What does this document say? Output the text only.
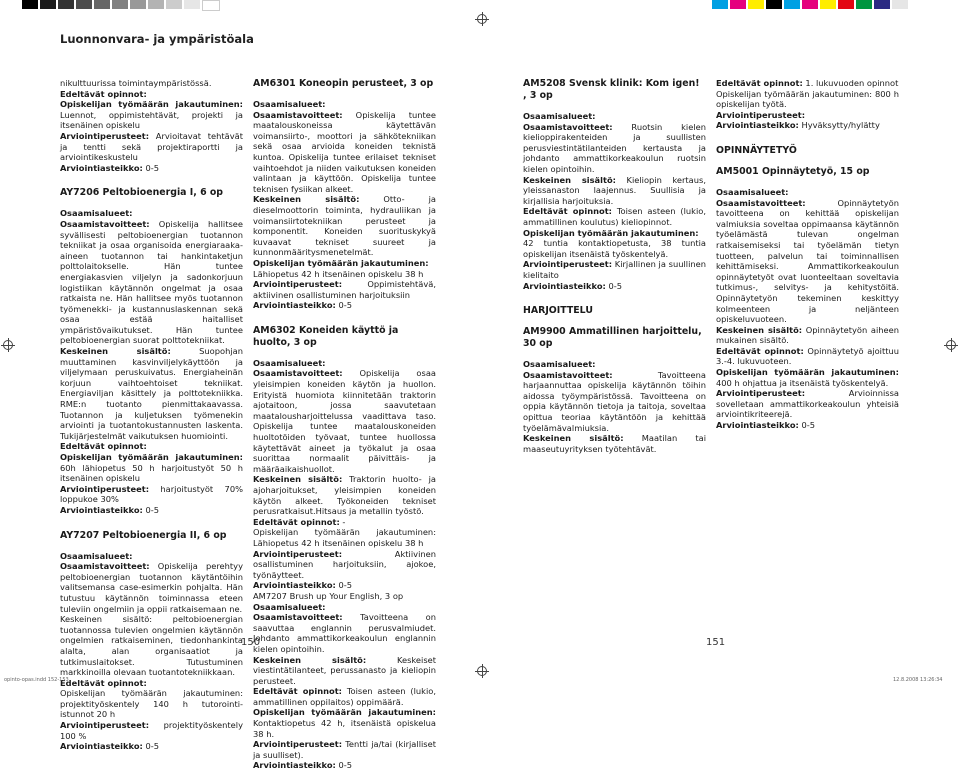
Luonnonvara- ja ympäristöala

nikulttuurissa toimintaympäristössä.

Edeltävät opinnot:

Opiskelijan työmäärän jakautuminen: Luennot, oppimistehtävät, projekti ja itsenäinen opiskelu

Arviointiperusteet: Arvioitavat tehtävät ja tentti sekä projektiraportti ja arviointikeskustelu

Arviointiasteikko: 0-5

AY7206 Peltobioenergia I, 6 op

Osaamisalueet:

Osaamistavoitteet: Opiskelija hallitsee syvällisesti peltobioenergian tuotannon tekniikat ja osaa organisoida energiaraaka-aineen tuotannon tai hankintaketjun polttolaitokselle. Hän tuntee energiakasvien viljelyn ja sadonkorjuun logistiikan käytännön ongelmat ja osaa ratkaista ne. Hän hallitsee myös tuotannon työmenekki- ja kustannuslaskennan sekä osaa estää haitalliset ympäristövaikutukset. Hän tuntee peltobioenergian suorat polttotekniikat.

Keskeinen sisältö: Suopohjan muuttaminen kasvinviljelykäyttöön ja viljelymaan peruskuivatus. Energiaheinän korjuun vaihtoehtoiset tekniikat. Energiaviljan käsittely ja polttotekniikka. RME:n tuotanto pienmittakaavassa. Tuotannon ja kuljetuksen työmenekin arviointi ja tuotantokustannusten laskenta. Tukijärjestelmät vaikutuksen huomiointi.

Edeltävät opinnot:

Opiskelijan työmäärän jakautuminen: 60h lähiopetus 50 h harjoitustyöt 50 h itsenäinen opiskelu

Arviointiperusteet: harjoitustyöt 70% loppukoe 30%

Arviointiasteikko: 0-5

AY7207 Peltobioenergia II, 6 op

Osaamisalueet:

Osaamistavoitteet: Opiskelija perehtyy peltobioenergian tuotannon käytäntöihin valitsemansa case-esimerkin pohjalta. Hän tutustuu käytännön toiminnassa eteen tuleviin ongelmiin ja oppii ratkaisemaan ne.

Keskeinen sisältö: peltobioenergian tuotannossa tulevien ongelmien käytännön ongelmien ratkaiseminen, tiedonhankinta alalta, alan organisaatiot ja tutkimuslaitokset. Tutustuminen markkinoilla olevaan tuotantotekniikkaan.

Edeltävät opinnot:

Opiskelijan työmäärän jakautuminen: projektityöskentely 140 h tutorointi-istunnot 20 h

Arviointiperusteet: projektityöskentely 100 %

Arviointiasteikko: 0-5

AM6301 Koneopin perusteet, 3 op

Osaamisalueet:

Osaamistavoitteet: Opiskelija tuntee maatalouskoneissa käytettävän voimansiirto-, moottori ja sähkötekniikan sekä osaa arvioida koneiden teknistä kuntoa. Opiskelija tuntee erilaiset tekniset vaihtoehdot ja niiden vaikutuksen koneiden valintaan ja käyttöön. Opiskelija tuntee teknisen fysiikan alkeet.

Keskeinen sisältö: Otto- ja dieselmoottorin toiminta, hydrauliikan ja voimansiirtotekniikan perusteet ja komponentit. Koneiden suorituskykyä kuvaavat tekniset suureet ja kunnonmääritysmenetelmät.

Opiskelijan työmäärän jakautuminen:

Lähiopetus 42 h itsenäinen opiskelu 38 h

Arviointiperusteet: Oppimistehtävä, aktiivinen osallistuminen harjoituksiin

Arviointiasteikko: 0-5

AM6302 Koneiden käyttö ja huolto, 3 op

Osaamisalueet:

Osaamistavoitteet: Opiskelija osaa yleisimpien koneiden käytön ja huollon. Erityistä huomiota kiinnitetään traktorin ajotaitoon, jossa saavutetaan maatalousharjoittelussa vaadittava taso. Opiskelija tuntee maatalouskoneiden huoltotöiden työvaat, tuntee huollossa käytettävät aineet ja työkalut ja osaa suorittaa normaalit päivittäis- ja määräaikaishuollot.

Keskeinen sisältö: Traktorin huolto- ja ajoharjoitukset, yleisimpien koneiden käytön alkeet. Työkoneiden tekniset perusratkaisut.Hitsaus ja metallin työstö.

Edeltävät opinnot: -

Opiskelijan työmäärän jakautuminen: Lähiopetus 42 h itsenäinen opiskelu 38 h

Arviointiperusteet: Aktiivinen osallistuminen harjoituksiin, ajokoe, työnäytteet.

Arviointiasteikko: 0-5

AM7207 Brush up Your English, 3 op

Osaamisalueet:

Osaamistavoitteet: Tavoitteena on saavuttaa englannin perusvalmiudet. Johdanto ammattikorkeakoulun englannin kielen opintoihin.

Keskeinen sisältö: Keskeiset viestintätilanteet, perussanasto ja kieliopin perusteet.

Edeltävät opinnot: Toisen asteen (lukio, ammatillinen oppilaitos) oppimäärä.

Opiskelijan työmäärän jakautuminen: Kontaktiopetus 42 h, itsenäistä opiskelua 38 h.

Arviointiperusteet: Tentti ja/tai (kirjalliset ja suulliset).

Arviointiasteikko: 0-5

AM5208 Svensk klinik: Kom igen! , 3 op

Osaamisalueet:

Osaamistavoitteet: Ruotsin kielen kielioppirakenteiden ja suullisten perusviestintätilanteiden kertausta ja johdanto ammattikorkeakoulun ruotsin kielen opintoihin.

Keskeinen sisältö: Kieliopin kertaus, yleissanaston laajennus. Suullisia ja kirjallisia harjoituksia.

Edeltävät opinnot: Toisen asteen (lukio, ammatillinen koulutus) kieliopinnot.

Opiskelijan työmäärän jakautuminen:

42 tuntia kontaktiopetusta, 38 tuntia opiskelijan itsenäistä työskentelyä.

Arviointiperusteet: Kirjallinen ja suullinen kielitaito

Arviointiasteikko: 0-5

HARJOITTELU
AM9900 Ammatillinen harjoittelu, 30 op

Osaamisalueet:

Osaamistavoitteet: Tavoitteena harjaannuttaa opiskelija käytännön töihin aidossa työympäristössä. Tavoitteena on oppia käytännön tietoja ja taitoja, soveltaa opittua teoriaa käytäntöön ja kehittää työelämävalmiuksia.

Keskeinen sisältö: Maatilan tai maaseutuyrityksen työtehtävät.

Edeltävät opinnot: 1. lukuvuoden opinnot

Opiskelijan työmäärän jakautuminen: 800 h opiskelijan työtä.

Arviointiperusteet:

Arviointiasteikko: Hyväksytty/hylätty

OPINNÄYTETYÖ
AM5001 Opinnäytetyö, 15 op

Osaamisalueet:

Osaamistavoitteet: Opinnäytetyön tavoitteena on kehittää opiskelijan valmiuksia soveltaa oppimaansa käytännön työelämästä tulevan ongelman ratkaisemiseksi tai työelämän tietyn tuotteen, palvelun tai toiminnallisen kehittämiseksi. Ammattikorkeakoulun opinnäytetyöt ovat luonteeltaan soveltavia tutkimus-, selvitys- ja kehitystöitä. Opinnäytetyön tekeminen keskittyy kolmeenteen ja neljänteen opiskeluvuoteen.

Keskeinen sisältö: Opinnäytetyön aiheen mukainen sisältö.

Edeltävät opinnot: Opinnäytetyö ajoittuu 3.-4. lukuvuoteen.

Opiskelijan työmäärän jakautuminen: 400 h ohjattua ja itsenäistä työskentelyä.

Arviointiperusteet: Arvioinnissa sovelletaan ammattikorkeakoulun yhteisiä arviointikriteerejä.

Arviointiasteikko: 0-5

150	151
opinto-opas.indd 152-153	12.8.2008 13:26:34
